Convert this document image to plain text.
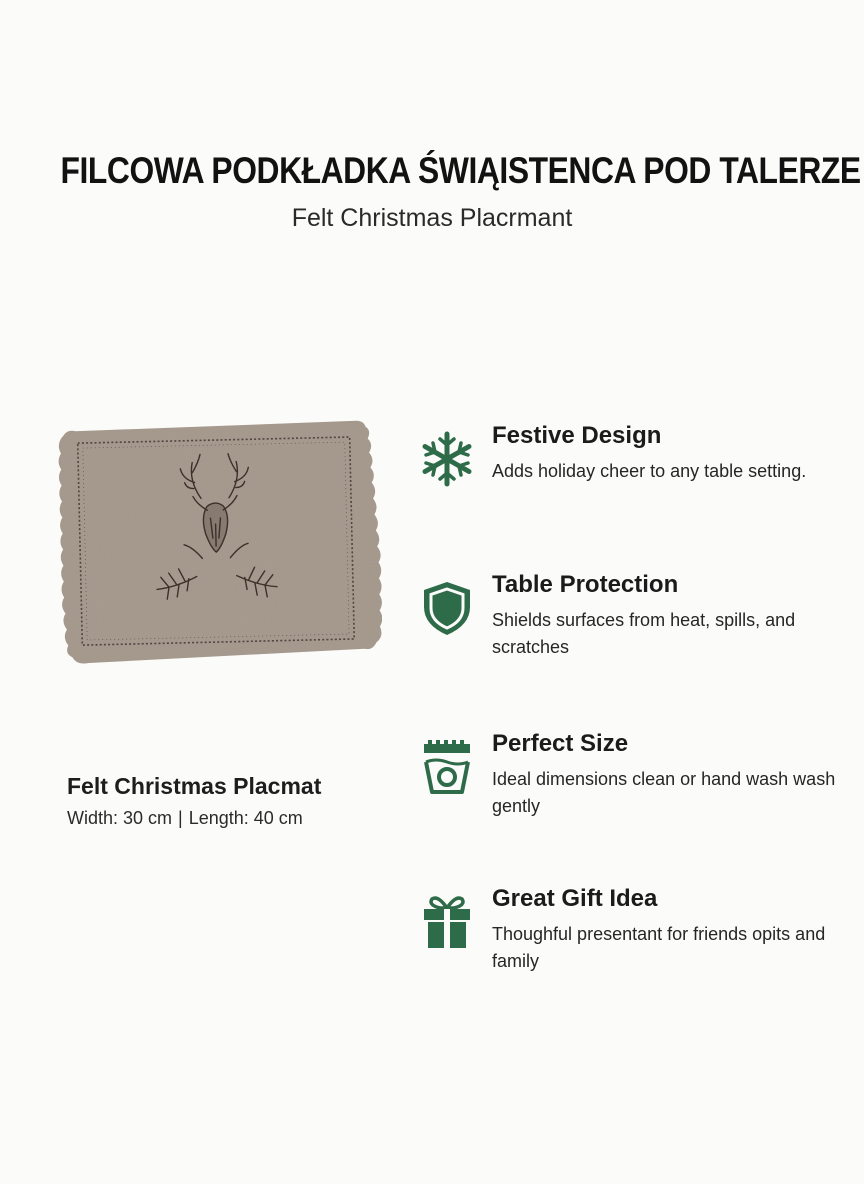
FILCOWA PODKŁADKA ŚWIĄISTENCA POD TALERZE
Felt Christmas Placrmant
Felt Christmas Placmat
Width: 30 cm | Length: 40 cm
Festive Design
Adds holiday cheer to any table setting.
Table Protection
Shields surfaces from heat, spills, and scratches
Perfect Size
Ideal dimensions clean or hand wash wash gently
Great Gift Idea
Thoughful presentant for friends opits and family
